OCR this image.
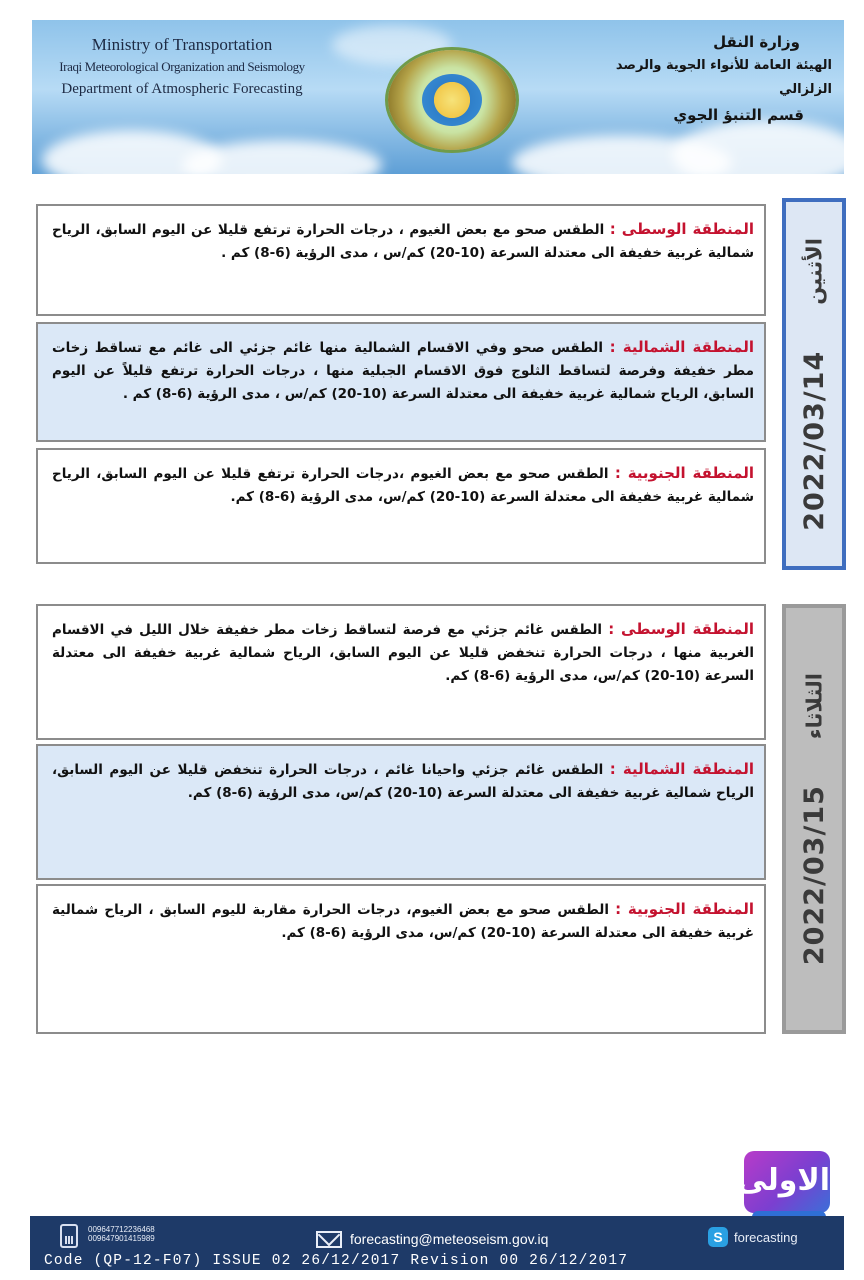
Ministry of Transportation
Iraqi Meteorological Organization and Seismology
Department of Atmospheric Forecasting
وزارة النقل
الهيئة العامة للأنواء الجوية والرصد الزلزالي
قسم التنبؤ الجوي
المنطقة الوسطى : الطقس صحو مع بعض الغيوم ، درجات الحرارة ترتفع قليلا عن اليوم السابق، الرياح شمالية غربية خفيفة الى معتدلة السرعة (10-20) كم/س ، مدى الرؤية (6-8) كم .
المنطقة الشمالية : الطقس صحو وفي الاقسام الشمالية منها غائم جزئي الى غائم مع تساقط زخات مطر خفيفة وفرصة لتساقط الثلوج فوق الاقسام الجبلية منها ، درجات الحرارة ترتفع قليلاً عن اليوم السابق، الرياح شمالية غربية خفيفة الى معتدلة السرعة (10-20) كم/س ، مدى الرؤية (6-8) كم .
المنطقة الجنوبية : الطقس صحو مع بعض الغيوم ،درجات الحرارة ترتفع قليلا عن اليوم السابق، الرياح شمالية غربية خفيفة الى معتدلة السرعة (10-20) كم/س، مدى الرؤية (6-8) كم.	2022/03/14
الأثنين
المنطقة الوسطى : الطقس غائم جزئي مع فرصة لتساقط زخات مطر خفيفة خلال الليل في الاقسام الغربية منها ، درجات الحرارة تنخفض قليلا عن اليوم السابق، الرياح شمالية غربية خفيفة الى معتدلة السرعة (10-20) كم/س، مدى الرؤية (6-8) كم.
المنطقة الشمالية : الطقس غائم جزئي واحيانا غائم ، درجات الحرارة تنخفض قليلا عن اليوم السابق، الرياح شمالية غربية خفيفة الى معتدلة السرعة (10-20) كم/س، مدى الرؤية (6-8) كم.
المنطقة الجنوبية : الطقس صحو مع بعض الغيوم، درجات الحرارة مقاربة لليوم السابق ، الرياح شمالية غربية خفيفة الى معتدلة السرعة (10-20) كم/س، مدى الرؤية (6-8) كم.	2022/03/15
الثلاثاء
الاولى
009647712236468
009647901415989	forecasting@meteoseism.gov.iq	S forecasting
Code (QP-12-F07) ISSUE 02 26/12/2017 Revision 00 26/12/2017
